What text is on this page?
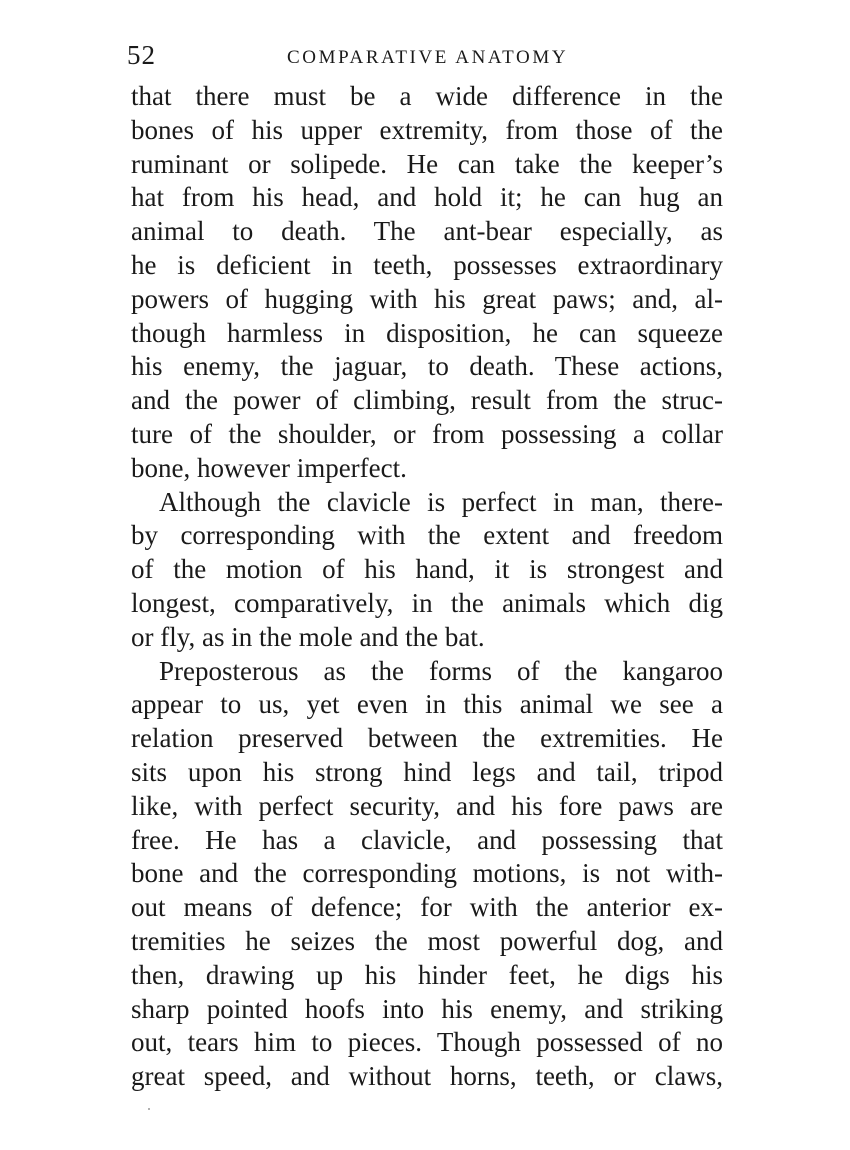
52	COMPARATIVE ANATOMY
that there must be a wide difference in the
bones of his upper extremity, from those of the
ruminant or solipede. He can take the keeper’s
hat from his head, and hold it; he can hug an
animal to death. The ant-bear especially, as
he is deficient in teeth, possesses extraordinary
powers of hugging with his great paws; and, al-
though harmless in disposition, he can squeeze
his enemy, the jaguar, to death. These actions,
and the power of climbing, result from the struc-
ture of the shoulder, or from possessing a collar
bone, however imperfect.
Although the clavicle is perfect in man, there-
by corresponding with the extent and freedom
of the motion of his hand, it is strongest and
longest, comparatively, in the animals which dig
or fly, as in the mole and the bat.
Preposterous as the forms of the kangaroo
appear to us, yet even in this animal we see a
relation preserved between the extremities. He
sits upon his strong hind legs and tail, tripod
like, with perfect security, and his fore paws are
free. He has a clavicle, and possessing that
bone and the corresponding motions, is not with-
out means of defence; for with the anterior ex-
tremities he seizes the most powerful dog, and
then, drawing up his hinder feet, he digs his
sharp pointed hoofs into his enemy, and striking
out, tears him to pieces. Though possessed of no
great speed, and without horns, teeth, or claws,
